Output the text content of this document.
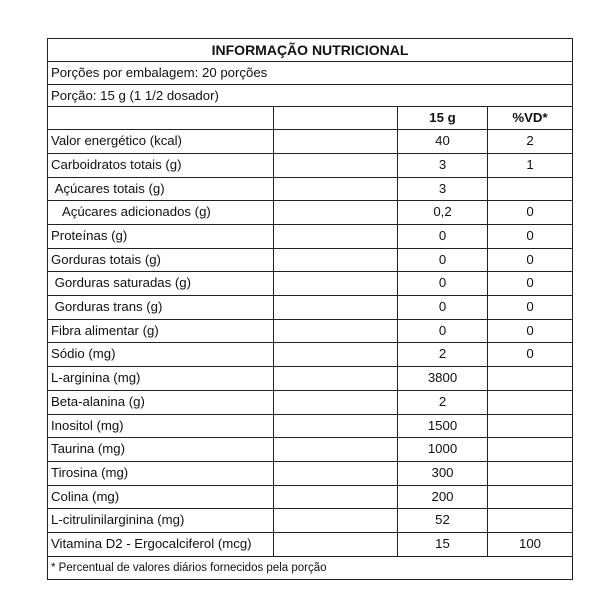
INFORMAÇÃO NUTRICIONAL			
Porções por embalagem: 20 porções			
Porção: 15 g (1 1/2 dosador)			
		15 g	%VD*
Valor energético (kcal)		40	2
Carboidratos totais (g)		3	1
Açúcares totais (g)		3	
Açúcares adicionados (g)		0,2	0
Proteínas (g)		0	0
Gorduras totais (g)		0	0
Gorduras saturadas (g)		0	0
Gorduras trans (g)		0	0
Fibra alimentar (g)		0	0
Sódio (mg)		2	0
L-arginina (mg)		3800	
Beta-alanina (g)		2	
Inositol (mg)		1500	
Taurina (mg)		1000	
Tirosina (mg)		300	
Colina (mg)		200	
L-citrulinilarginina (mg)		52	
Vitamina D2 - Ergocalciferol (mcg)		15	100
* Percentual de valores diários fornecidos pela porção			
